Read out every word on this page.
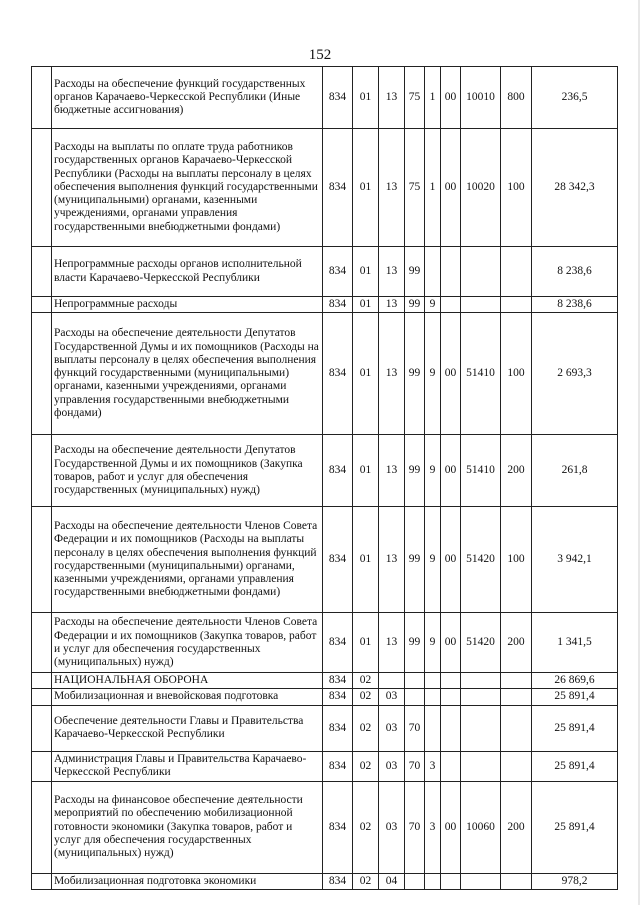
152
	Расходы на обеспечение функций государственных органов Карачаево-Черкесской Республики (Иные бюджетные ассигнования)	834	01	13	75	1	00	10010	800	236,5
	Расходы на выплаты по оплате труда работников государственных органов Карачаево-Черкесской Республики (Расходы на выплаты персоналу в целях обеспечения выполнения функций государственными (муниципальными) органами, казенными учреждениями, органами управления государственными внебюджетными фондами)	834	01	13	75	1	00	10020	100	28 342,3
	Непрограммные расходы органов исполнительной власти Карачаево-Черкесской Республики	834	01	13	99					8 238,6
	Непрограммные расходы	834	01	13	99	9				8 238,6
	Расходы на обеспечение деятельности Депутатов Государственной Думы и их помощников (Расходы на выплаты персоналу в целях обеспечения выполнения функций государственными (муниципальными) органами, казенными учреждениями, органами управления государственными внебюджетными фондами)	834	01	13	99	9	00	51410	100	2 693,3
	Расходы на обеспечение деятельности Депутатов Государственной Думы и их помощников (Закупка товаров, работ и услуг для обеспечения государственных (муниципальных) нужд)	834	01	13	99	9	00	51410	200	261,8
	Расходы на обеспечение деятельности Членов Совета Федерации и их помощников (Расходы на выплаты персоналу в целях обеспечения выполнения функций государственными (муниципальными) органами, казенными учреждениями, органами управления государственными внебюджетными фондами)	834	01	13	99	9	00	51420	100	3 942,1
	Расходы на обеспечение деятельности Членов Совета Федерации и их помощников (Закупка товаров, работ и услуг для обеспечения государственных (муниципальных) нужд)	834	01	13	99	9	00	51420	200	1 341,5
	НАЦИОНАЛЬНАЯ ОБОРОНА	834	02							26 869,6
	Мобилизационная и вневойсковая подготовка	834	02	03						25 891,4
	Обеспечение деятельности Главы и Правительства Карачаево-Черкесской Республики	834	02	03	70					25 891,4
	Администрация Главы и Правительства Карачаево-Черкесской Республики	834	02	03	70	3				25 891,4
	Расходы на финансовое обеспечение деятельности мероприятий по обеспечению мобилизационной готовности экономики (Закупка товаров, работ и услуг для обеспечения государственных (муниципальных) нужд)	834	02	03	70	3	00	10060	200	25 891,4
	Мобилизационная подготовка экономики	834	02	04						978,2
